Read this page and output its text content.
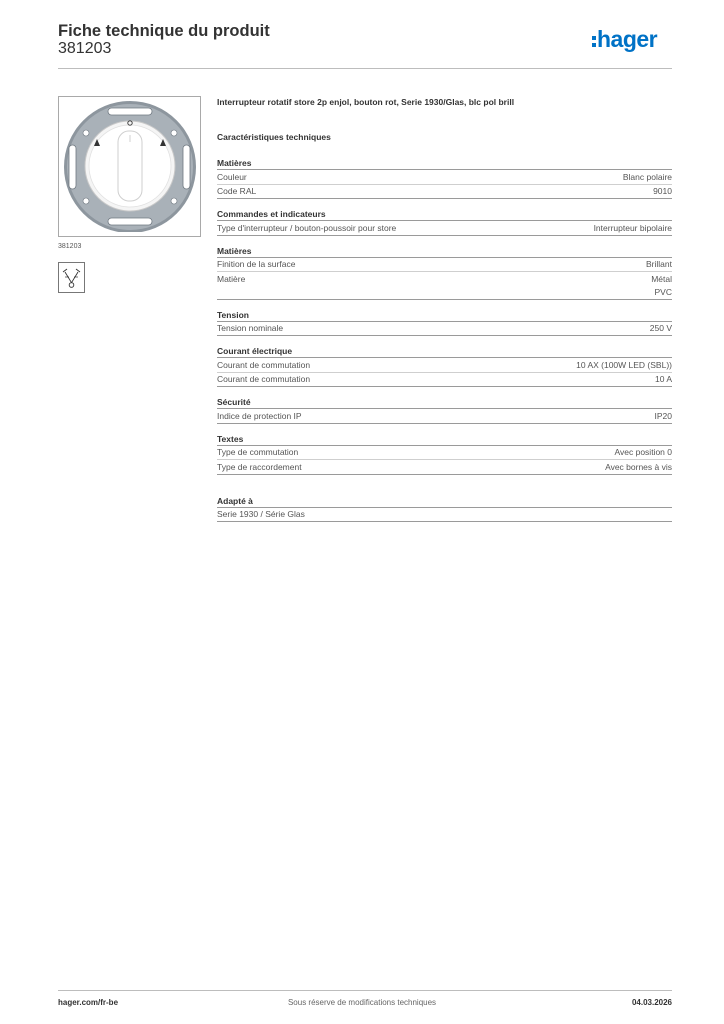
Fiche technique du produit
381203	hager
381203
Interrupteur rotatif store 2p enjol, bouton rot, Serie 1930/Glas, blc pol brill
Caractéristiques techniques
Matières
Couleur	Blanc polaire
Code RAL	9010
Commandes et indicateurs
Type d'interrupteur / bouton-poussoir pour store	Interrupteur bipolaire
Matières
Finition de la surface	Brillant
Matière	Métal
PVC
Tension
Tension nominale	250 V
Courant électrique
Courant de commutation	10 AX (100W LED (SBL))
Courant de commutation	10 A
Sécurité
Indice de protection IP	IP20
Textes
Type de commutation	Avec position 0
Type de raccordement	Avec bornes à vis
Adapté à
Serie 1930 / Série Glas
hager.com/fr-be	Sous réserve de modifications techniques	04.03.2026
